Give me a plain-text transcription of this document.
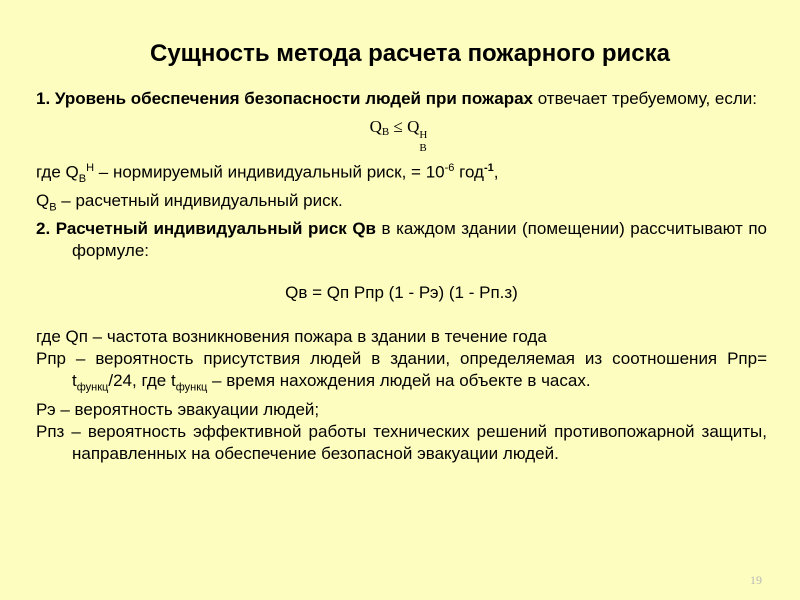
Сущность метода расчета пожарного риска

1. Уровень обеспечения безопасности людей при пожарах отвечает требуемому, если:

$Q_В \le Q$ Н
В

где $Q_В^Н$ – нормируемый индивидуальный риск, = $10^{-6}$ год$^{-1}$,

$Q_В$ – расчетный индивидуальный риск.

2. Расчетный индивидуальный риск Qв в каждом здании (помещении) рассчитывают по формуле:

Qв = Qп Рпр (1 - Рэ) (1 - Рп.з)

где Qп – частота возникновения пожара в здании в течение года

Рпр – вероятность присутствия людей в здании, определяемая из соотношения $Рпр= t_{функц}/24$, где $t_{функц}$ – время нахождения людей на объекте в часах.

Рэ – вероятность эвакуации людей;

Рпз – вероятность эффективной работы технических решений противопожарной защиты, направленных на обеспечение безопасной эвакуации людей.

19
